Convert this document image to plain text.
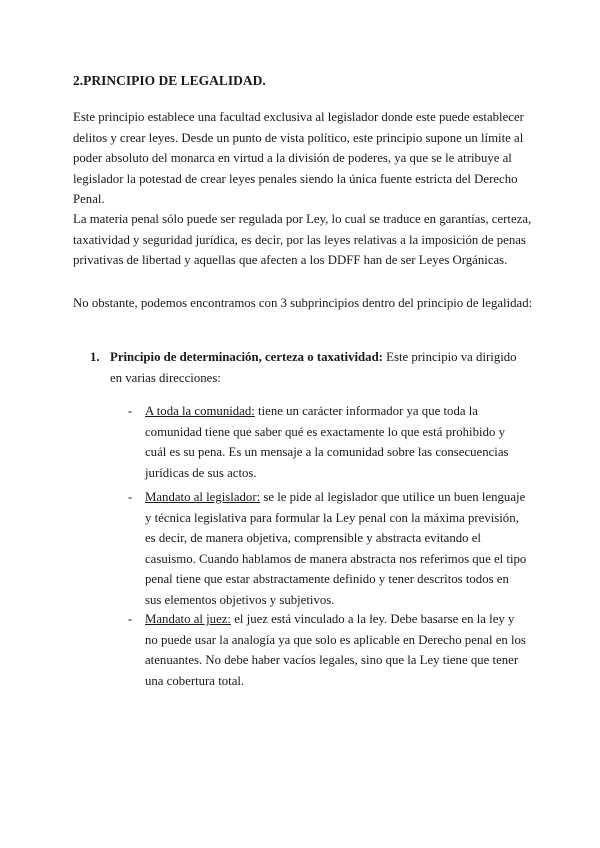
2.PRINCIPIO DE LEGALIDAD.

Este principio establece una facultad exclusiva al legislador donde este puede establecer delitos y crear leyes. Desde un punto de vista político, este principio supone un límite al poder absoluto del monarca en virtud a la división de poderes, ya que se le atribuye al legislador la potestad de crear leyes penales siendo la única fuente estricta del Derecho Penal.

La materia penal sólo puede ser regulada por Ley, lo cual se traduce en garantías, certeza, taxatividad y seguridad jurídica, es decir, por las leyes relativas a la imposición de penas privativas de libertad y aquellas que afecten a los DDFF han de ser Leyes Orgánicas.

No obstante, podemos encontramos con 3 subprincipios dentro del principio de legalidad:

1. Principio de determinación, certeza o taxatividad: Este principio va dirigido en varias direcciones:
- A toda la comunidad: tiene un carácter informador ya que toda la comunidad tiene que saber qué es exactamente lo que está prohibido y cuál es su pena. Es un mensaje a la comunidad sobre las consecuencias jurídicas de sus actos.
- Mandato al legislador: se le pide al legislador que utilice un buen lenguaje y técnica legislativa para formular la Ley penal con la máxima previsión, es decir, de manera objetiva, comprensible y abstracta evitando el casuismo. Cuando hablamos de manera abstracta nos referimos que el tipo penal tiene que estar abstractamente definido y tener descritos todos en sus elementos objetivos y subjetivos.
- Mandato al juez: el juez está vinculado a la ley. Debe basarse en la ley y no puede usar la analogía ya que solo es aplicable en Derecho penal en los atenuantes. No debe haber vacíos legales, sino que la Ley tiene que tener una cobertura total.
